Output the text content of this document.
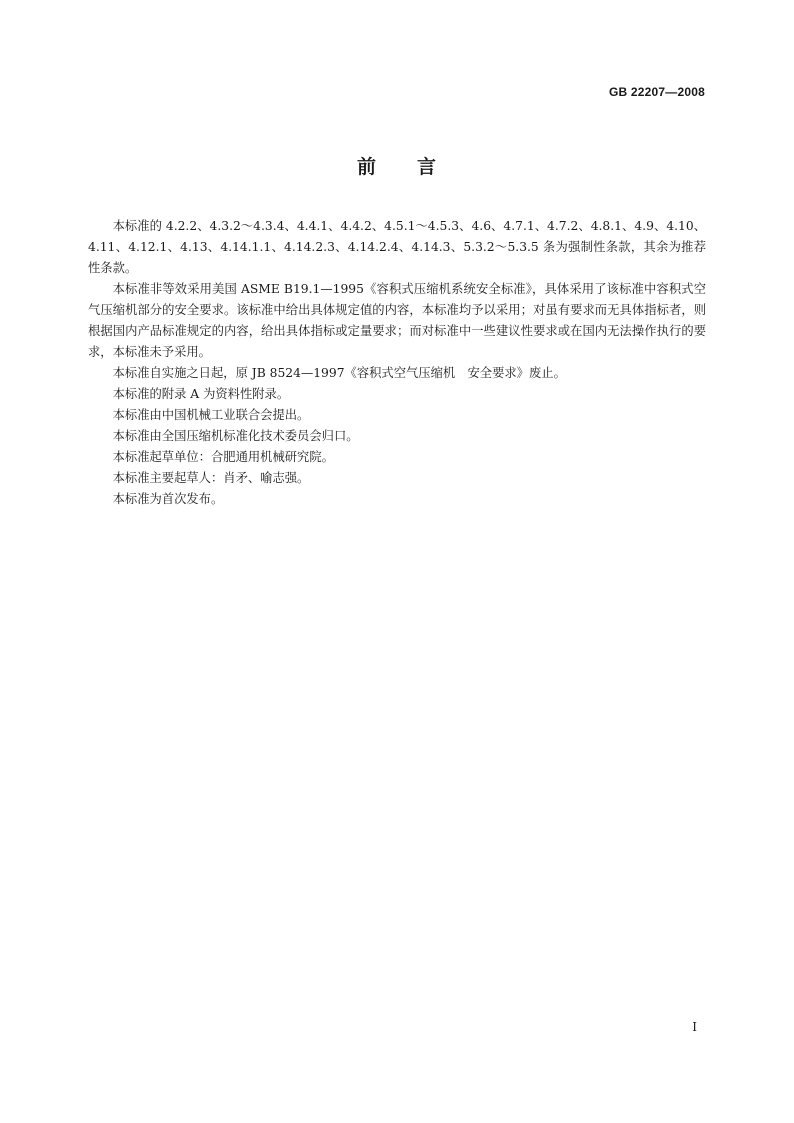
GB 22207—2008
前 言

本标准的 4.2.2、4.3.2～4.3.4、4.4.1、4.4.2、4.5.1～4.5.3、4.6、4.7.1、4.7.2、4.8.1、4.9、4.10、4.11、4.12.1、4.13、4.14.1.1、4.14.2.3、4.14.2.4、4.14.3、5.3.2～5.3.5 条为强制性条款，其余为推荐性条款。

本标准非等效采用美国 ASME B19.1—1995《容积式压缩机系统安全标准》，具体采用了该标准中容积式空气压缩机部分的安全要求。该标准中给出具体规定值的内容，本标准均予以采用；对虽有要求而无具体指标者，则根据国内产品标准规定的内容，给出具体指标或定量要求；而对标准中一些建议性要求或在国内无法操作执行的要求，本标准未予采用。

本标准自实施之日起，原 JB 8524—1997《容积式空气压缩机　安全要求》废止。

本标准的附录 A 为资料性附录。

本标准由中国机械工业联合会提出。

本标准由全国压缩机标准化技术委员会归口。

本标准起草单位：合肥通用机械研究院。

本标准主要起草人：肖矛、喻志强。

本标准为首次发布。

I
